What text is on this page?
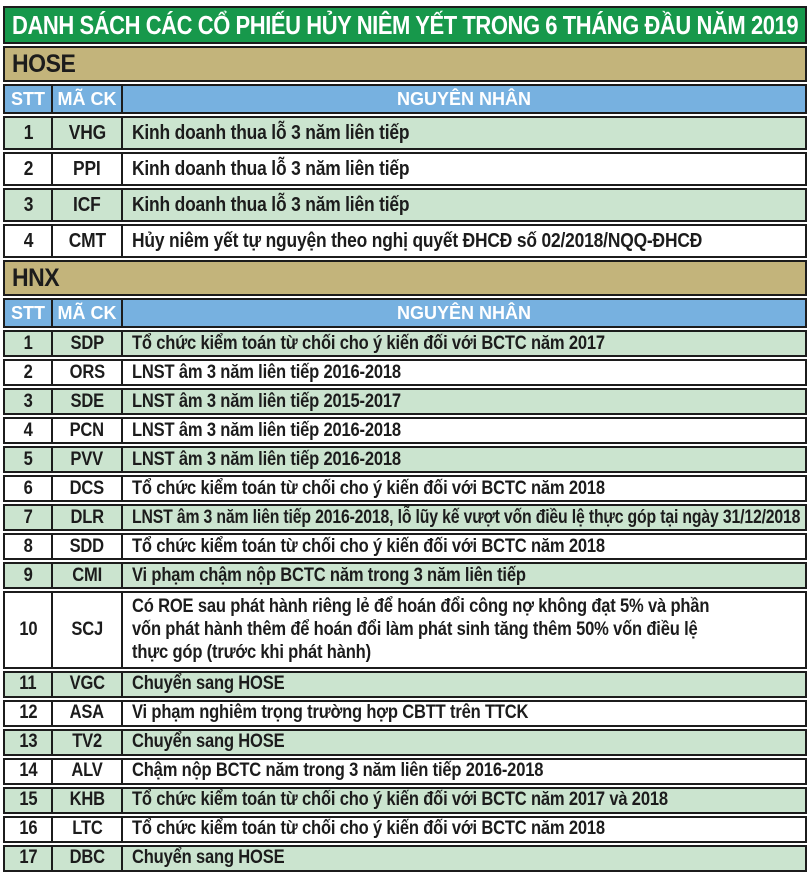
DANH SÁCH CÁC CỔ PHIẾU HỦY NIÊM YẾT TRONG 6 THÁNG ĐẦU NĂM 2019
HOSE
STT MÃ CK	NGUYÊN NHÂN
1 VHG Kinh doanh thua lỗ 3 năm liên tiếp
2 PPI Kinh doanh thua lỗ 3 năm liên tiếp
3 ICF Kinh doanh thua lỗ 3 năm liên tiếp
4 CMT Hủy niêm yết tự nguyện theo nghị quyết ĐHCĐ số 02/2018/NQQ-ĐHCĐ
HNX
STT MÃ CK	NGUYÊN NHÂN
1 SDP Tổ chức kiểm toán từ chối cho ý kiến đối với BCTC năm 2017
2 ORS LNST âm 3 năm liên tiếp 2016-2018
3 SDE LNST âm 3 năm liên tiếp 2015-2017
4 PCN LNST âm 3 năm liên tiếp 2016-2018
5 PVV LNST âm 3 năm liên tiếp 2016-2018
6 DCS Tổ chức kiểm toán từ chối cho ý kiến đối với BCTC năm 2018
7 DLR LNST âm 3 năm liên tiếp 2016-2018, lỗ lũy kế vượt vốn điều lệ thực góp tại ngày 31/12/2018
8 SDD Tổ chức kiểm toán từ chối cho ý kiến đối với BCTC năm 2018
9 CMI Vi phạm chậm nộp BCTC năm trong 3 năm liên tiếp
10 SCJ
Có ROE sau phát hành riêng lẻ để hoán đổi công nợ không đạt 5% và phần vốn phát hành thêm để hoán đổi làm phát sinh tăng thêm 50% vốn điều lệ thực góp (trước khi phát hành)
11 VGC Chuyển sang HOSE
12 ASA Vi phạm nghiêm trọng trường hợp CBTT trên TTCK
13 TV2 Chuyển sang HOSE
14 ALV Chậm nộp BCTC năm trong 3 năm liên tiếp 2016-2018
15 KHB Tổ chức kiểm toán từ chối cho ý kiến đối với BCTC năm 2017 và 2018
16 LTC Tổ chức kiểm toán từ chối cho ý kiến đối với BCTC năm 2018
17 DBC Chuyển sang HOSE
